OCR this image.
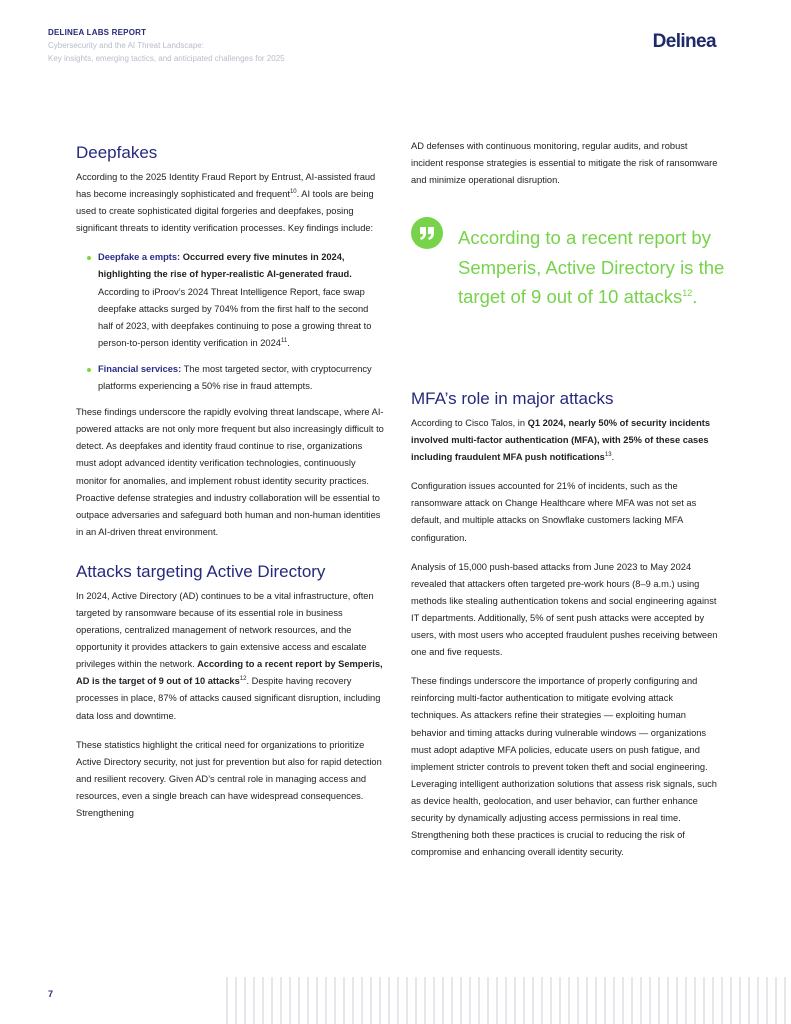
DELINEA LABS REPORT
Cybersecurity and the AI Threat Landscape:
Key insights, emerging tactics, and anticipated challenges for 2025
Delinea
Deepfakes

According to the 2025 Identity Fraud Report by Entrust, AI-assisted fraud has become increasingly sophisticated and frequent$^{10}$. AI tools are being used to create sophisticated digital forgeries and deepfakes, posing significant threats to identity verification processes. Key findings include:

Deepfake a empts: Occurred every five minutes in 2024, highlighting the rise of hyper-realistic AI-generated fraud. According to iProov’s 2024 Threat Intelligence Report, face swap deepfake attacks surged by 704% from the first half to the second half of 2023, with deepfakes continuing to pose a growing threat to person-to-person identity verification in 2024$^{11}$.
Financial services: The most targeted sector, with cryptocurrency platforms experiencing a 50% rise in fraud attempts.

These findings underscore the rapidly evolving threat landscape, where AI-powered attacks are not only more frequent but also increasingly difficult to detect. As deepfakes and identity fraud continue to rise, organizations must adopt advanced identity verification technologies, continuously monitor for anomalies, and implement robust identity security practices. Proactive defense strategies and industry collaboration will be essential to outpace adversaries and safeguard both human and non-human identities in an AI-driven threat environment.

Attacks targeting Active Directory

In 2024, Active Directory (AD) continues to be a vital infrastructure, often targeted by ransomware because of its essential role in business operations, centralized management of network resources, and the opportunity it provides attackers to gain extensive access and escalate privileges within the network. According to a recent report by Semperis, AD is the target of 9 out of 10 attacks$^{12}$. Despite having recovery processes in place, 87% of attacks caused significant disruption, including data loss and downtime.

These statistics highlight the critical need for organizations to prioritize Active Directory security, not just for prevention but also for rapid detection and resilient recovery. Given AD’s central role in managing access and resources, even a single breach can have widespread consequences. Strengthening

AD defenses with continuous monitoring, regular audits, and robust incident response strategies is essential to mitigate the risk of ransomware and minimize operational disruption.

According to a recent report by Semperis, Active Directory is the target of 9 out of 10 attacks$^{12}$.
MFA’s role in major attacks

According to Cisco Talos, in Q1 2024, nearly 50% of security incidents involved multi-factor authentication (MFA), with 25% of these cases including fraudulent MFA push notifications$^{13}$.

Configuration issues accounted for 21% of incidents, such as the ransomware attack on Change Healthcare where MFA was not set as default, and multiple attacks on Snowflake customers lacking MFA configuration.

Analysis of 15,000 push-based attacks from June 2023 to May 2024 revealed that attackers often targeted pre-work hours (8–9 a.m.) using methods like stealing authentication tokens and social engineering against IT departments. Additionally, 5% of sent push attacks were accepted by users, with most users who accepted fraudulent pushes receiving between one and five requests.

These findings underscore the importance of properly configuring and reinforcing multi-factor authentication to mitigate evolving attack techniques. As attackers refine their strategies — exploiting human behavior and timing attacks during vulnerable windows — organizations must adopt adaptive MFA policies, educate users on push fatigue, and implement stricter controls to prevent token theft and social engineering. Leveraging intelligent authorization solutions that assess risk signals, such as device health, geolocation, and user behavior, can further enhance security by dynamically adjusting access permissions in real time. Strengthening both these practices is crucial to reducing the risk of compromise and enhancing overall identity security.

7
